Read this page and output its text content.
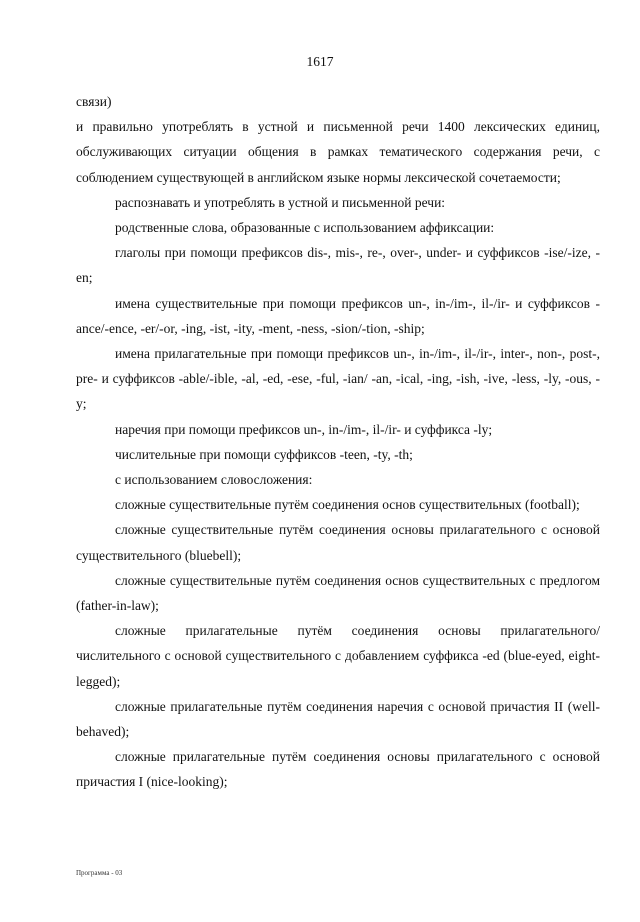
1617

связи)

и правильно употреблять в устной и письменной речи 1400 лексических единиц, обслуживающих ситуации общения в рамках тематического содержания речи, с соблюдением существующей в английском языке нормы лексической сочетаемости;

распознавать и употреблять в устной и письменной речи:

родственные слова, образованные с использованием аффиксации:

глаголы при помощи префиксов dis-, mis-, re-, over-, under- и суффиксов -ise/-ize, -en;

имена существительные при помощи префиксов un-, in-/im-, il-/ir- и суффиксов -ance/-ence, -er/-or, -ing, -ist, -ity, -ment, -ness, -sion/-tion, -ship;

имена прилагательные при помощи префиксов un-, in-/im-, il-/ir-, inter-, non-, post-, pre- и суффиксов -able/-ible, -al, -ed, -ese, -ful, -ian/ -an, -ical, -ing, -ish, -ive, -less, -ly, -ous, -y;

наречия при помощи префиксов un-, in-/im-, il-/ir- и суффикса -ly;

числительные при помощи суффиксов -teen, -ty, -th;

с использованием словосложения:

сложные существительные путём соединения основ существительных (football);

сложные существительные путём соединения основы прилагательного с основой существительного (bluebell);

сложные существительные путём соединения основ существительных с предлогом (father-in-law);

сложные прилагательные путём соединения основы прилагательного/числительного с основой существительного с добавлением суффикса -ed (blue-eyed, eight-legged);

сложные прилагательные путём соединения наречия с основой причастия II (well-behaved);

сложные прилагательные путём соединения основы прилагательного с основой причастия I (nice-looking);

Программа - 03
